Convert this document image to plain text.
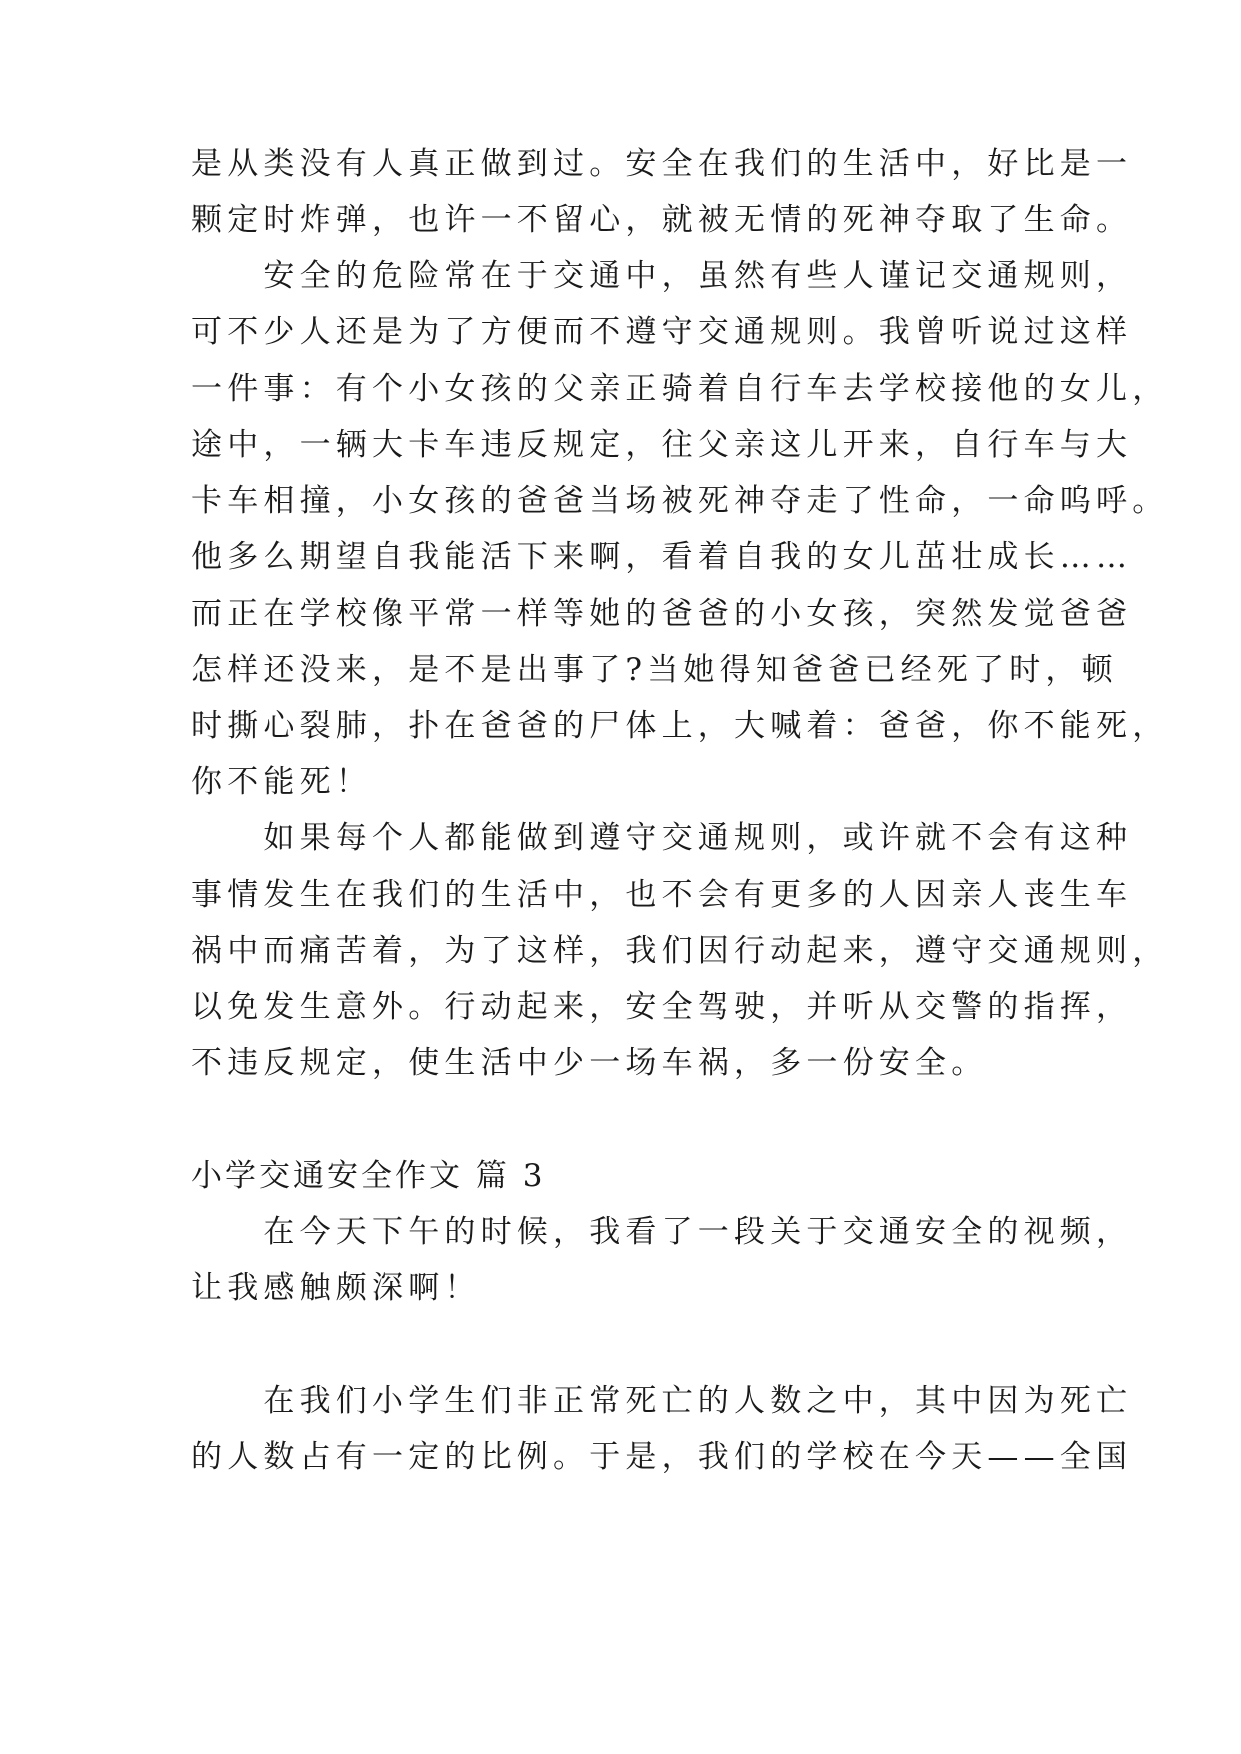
是从类没有人真正做到过。安全在我们的生活中，好比是一
颗定时炸弹，也许一不留心，就被无情的死神夺取了生命。
　　安全的危险常在于交通中，虽然有些人谨记交通规则，
可不少人还是为了方便而不遵守交通规则。我曾听说过这样
一件事：有个小女孩的父亲正骑着自行车去学校接他的女儿，
途中，一辆大卡车违反规定，往父亲这儿开来，自行车与大
卡车相撞，小女孩的爸爸当场被死神夺走了性命，一命呜呼。
他多么期望自我能活下来啊，看着自我的女儿茁壮成长……
而正在学校像平常一样等她的爸爸的小女孩，突然发觉爸爸
怎样还没来，是不是出事了?当她得知爸爸已经死了时，顿
时撕心裂肺，扑在爸爸的尸体上，大喊着：爸爸，你不能死，
你不能死！
　　如果每个人都能做到遵守交通规则，或许就不会有这种
事情发生在我们的生活中，也不会有更多的人因亲人丧生车
祸中而痛苦着，为了这样，我们因行动起来，遵守交通规则，
以免发生意外。行动起来，安全驾驶，并听从交警的指挥，
不违反规定，使生活中少一场车祸，多一份安全。
小学交通安全作文 篇 3
　　在今天下午的时候，我看了一段关于交通安全的视频，
让我感触颇深啊！
　　在我们小学生们非正常死亡的人数之中，其中因为死亡
的人数占有一定的比例。于是，我们的学校在今天——全国
